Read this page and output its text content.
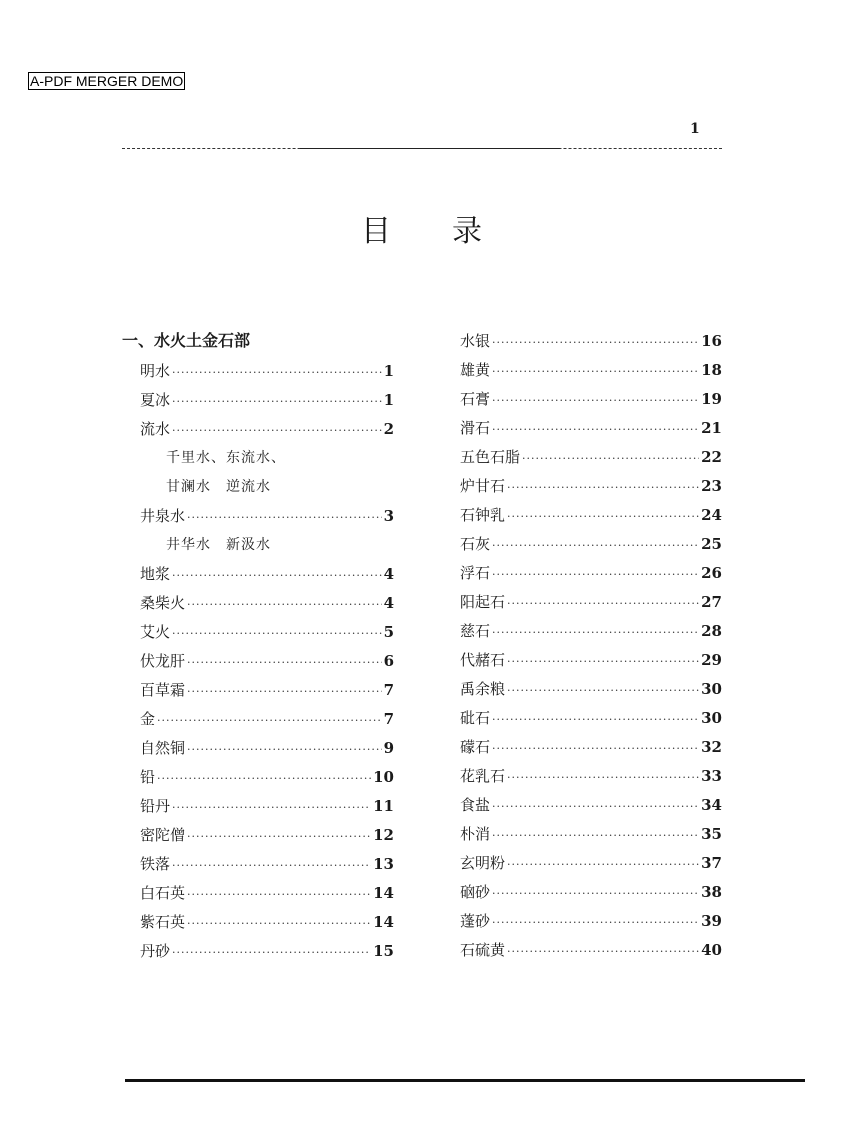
A-PDF MERGER DEMO
1
目 录
一、水火土金石部
明水 ·····	1
夏冰 ·····	1
流水 ·····	2
千里水、东流水、
甘澜水　逆流水
井泉水 ·····	3
井华水　新汲水
地浆 ·····	4
桑柴火 ·····	4
艾火 ·····	5
伏龙肝 ·····	6
百草霜 ·····	7
金 ·····	7
自然铜 ·····	9
铅 ·····	10
铅丹 ·····	11
密陀僧 ·····	12
铁落 ·····	13
白石英 ·····	14
紫石英 ·····	14
丹砂 ·····	15
水银 ·····	16
雄黄 ·····	18
石膏 ·····	19
滑石 ·····	21
五色石脂 ·····	22
炉甘石 ·····	23
石钟乳 ·····	24
石灰 ·····	25
浮石 ·····	26
阳起石 ·····	27
慈石 ·····	28
代赭石 ·····	29
禹余粮 ·····	30
砒石 ·····	30
礞石 ·····	32
花乳石 ·····	33
食盐 ·····	34
朴消 ·····	35
玄明粉 ·····	37
硇砂 ·····	38
蓬砂 ·····	39
石硫黄 ·····	40
